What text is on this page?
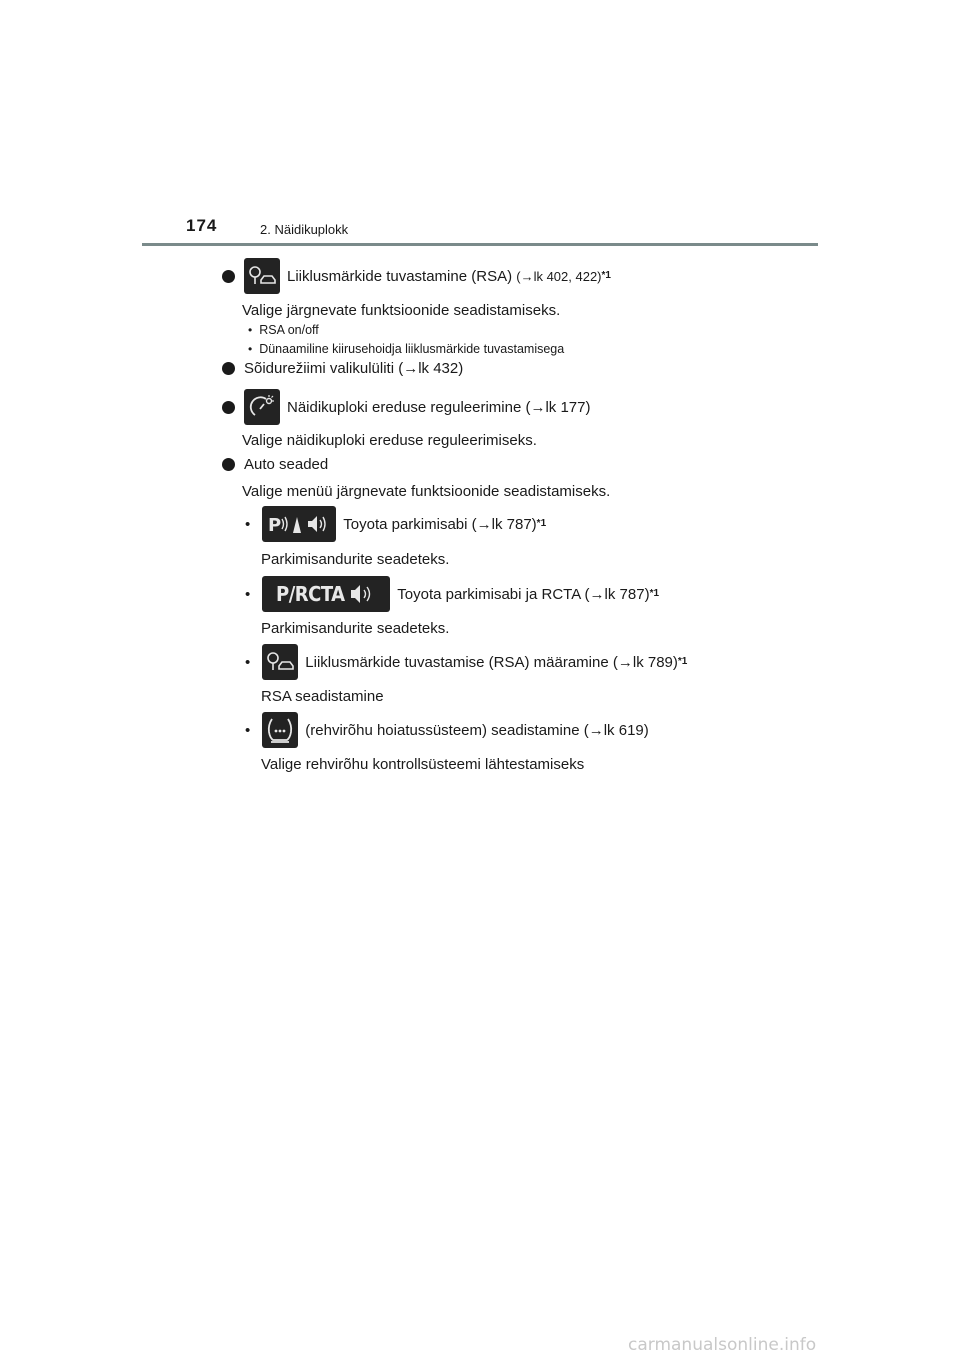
174	2. Näidikuplokk
Liiklusmärkide tuvastamine (RSA)
(→lk 402, 422) *1
Valige järgnevate funktsioonide seadistamiseks.
• RSA on/off
• Dünaamiline kiirusehoidja liiklusmärkide tuvastamisega
Sõidurežiimi valikulüliti (→lk 432)
Näidikuploki ereduse reguleerimine (→lk 177)
Valige näidikuploki ereduse reguleerimiseks.
Auto seaded
Valige menüü järgnevate funktsioonide seadistamiseks.
• P	Toyota parkimisabi (→lk 787) *1
Parkimisandurite seadeteks.
• P/RCTA	Toyota parkimisabi ja RCTA (→lk 787) *1
Parkimisandurite seadeteks.
•	Liiklusmärkide tuvastamise (RSA) määramine (→lk 789) *1
RSA seadistamine
•	(rehvirõhu hoiatussüsteem) seadistamine (→lk 619)
Valige rehvirõhu kontrollsüsteemi lähtestamiseks
carmanualsonline.info
